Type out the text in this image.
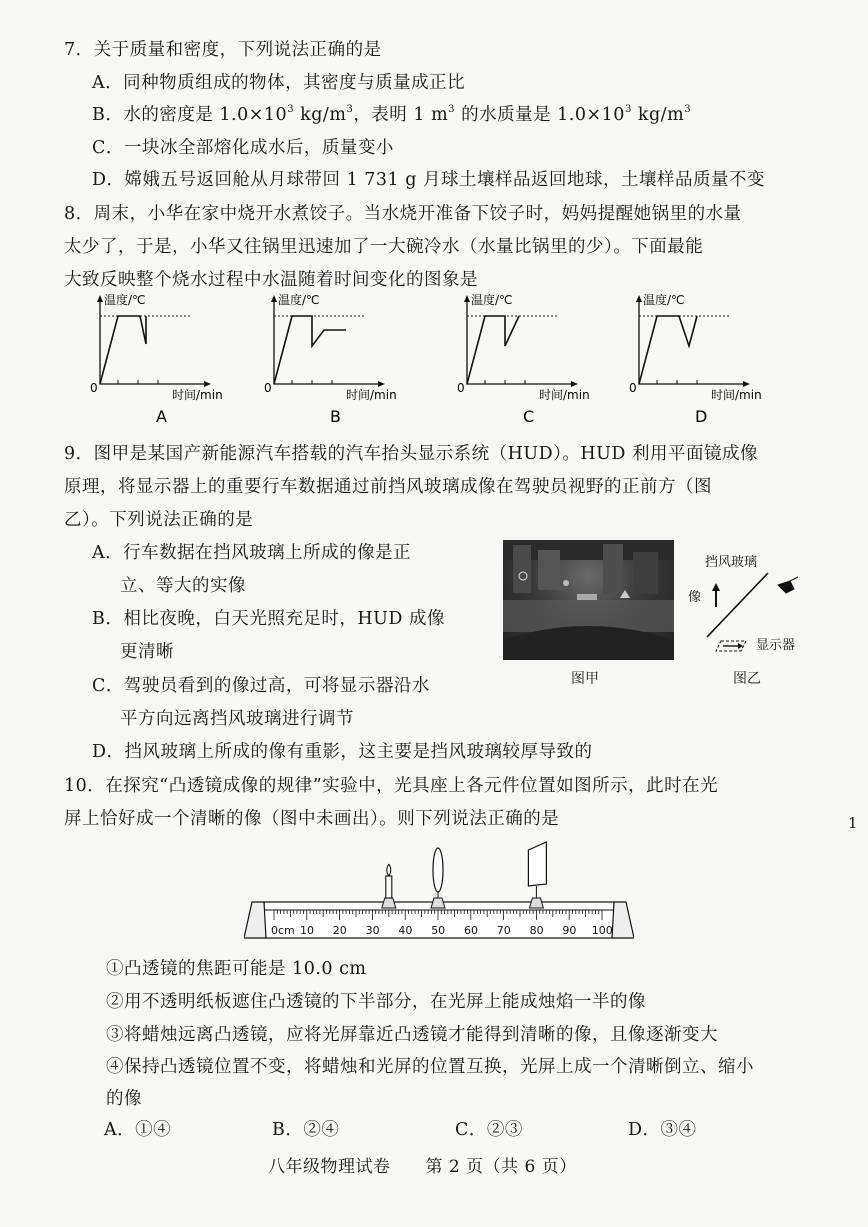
7．关于质量和密度，下列说法正确的是
A．同种物质组成的物体，其密度与质量成正比
B．水的密度是 $1.0\times 10^3$ $kg/m^3$，表明 1 $m^3$ 的水质量是 $1.0\times 10^3$ $kg/m^3$
C．一块冰全部熔化成水后，质量变小
D．嫦娥五号返回舱从月球带回 1 731 g 月球土壤样品返回地球，土壤样品质量不变
8．周末，小华在家中烧开水煮饺子。当水烧开准备下饺子时，妈妈提醒她锅里的水量
太少了，于是，小华又往锅里迅速加了一大碗冷水（水量比锅里的少）。下面最能
大致反映整个烧水过程中水温随着时间变化的图象是
温度/℃
0	时间/min
A
温度/℃
0	时间/min
B
温度/℃
0	时间/min
C
温度/℃
0	时间/min
D
9．图甲是某国产新能源汽车搭载的汽车抬头显示系统（HUD）。HUD 利用平面镜成像
原理，将显示器上的重要行车数据通过前挡风玻璃成像在驾驶员视野的正前方（图
乙）。下列说法正确的是
A．行车数据在挡风玻璃上所成的像是正
立、等大的实像
B．相比夜晚，白天光照充足时，HUD 成像
更清晰
C．驾驶员看到的像过高，可将显示器沿水
平方向远离挡风玻璃进行调节
D．挡风玻璃上所成的像有重影，这主要是挡风玻璃较厚导致的
图甲
挡风玻璃
像
显示器
图乙
10．在探究“凸透镜成像的规律”实验中，光具座上各元件位置如图所示，此时在光
屏上恰好成一个清晰的像（图中未画出）。则下列说法正确的是	1
0cm 10 20 30 40 50 60 70 80 90 100
①凸透镜的焦距可能是 10.0 cm
②用不透明纸板遮住凸透镜的下半部分，在光屏上能成烛焰一半的像
③将蜡烛远离凸透镜，应将光屏靠近凸透镜才能得到清晰的像，且像逐渐变大
④保持凸透镜位置不变，将蜡烛和光屏的位置互换，光屏上成一个清晰倒立、缩小
的像
A．①④	B．②④	C．②③	D．③④
八年级物理试卷　　第 2 页（共 6 页）
